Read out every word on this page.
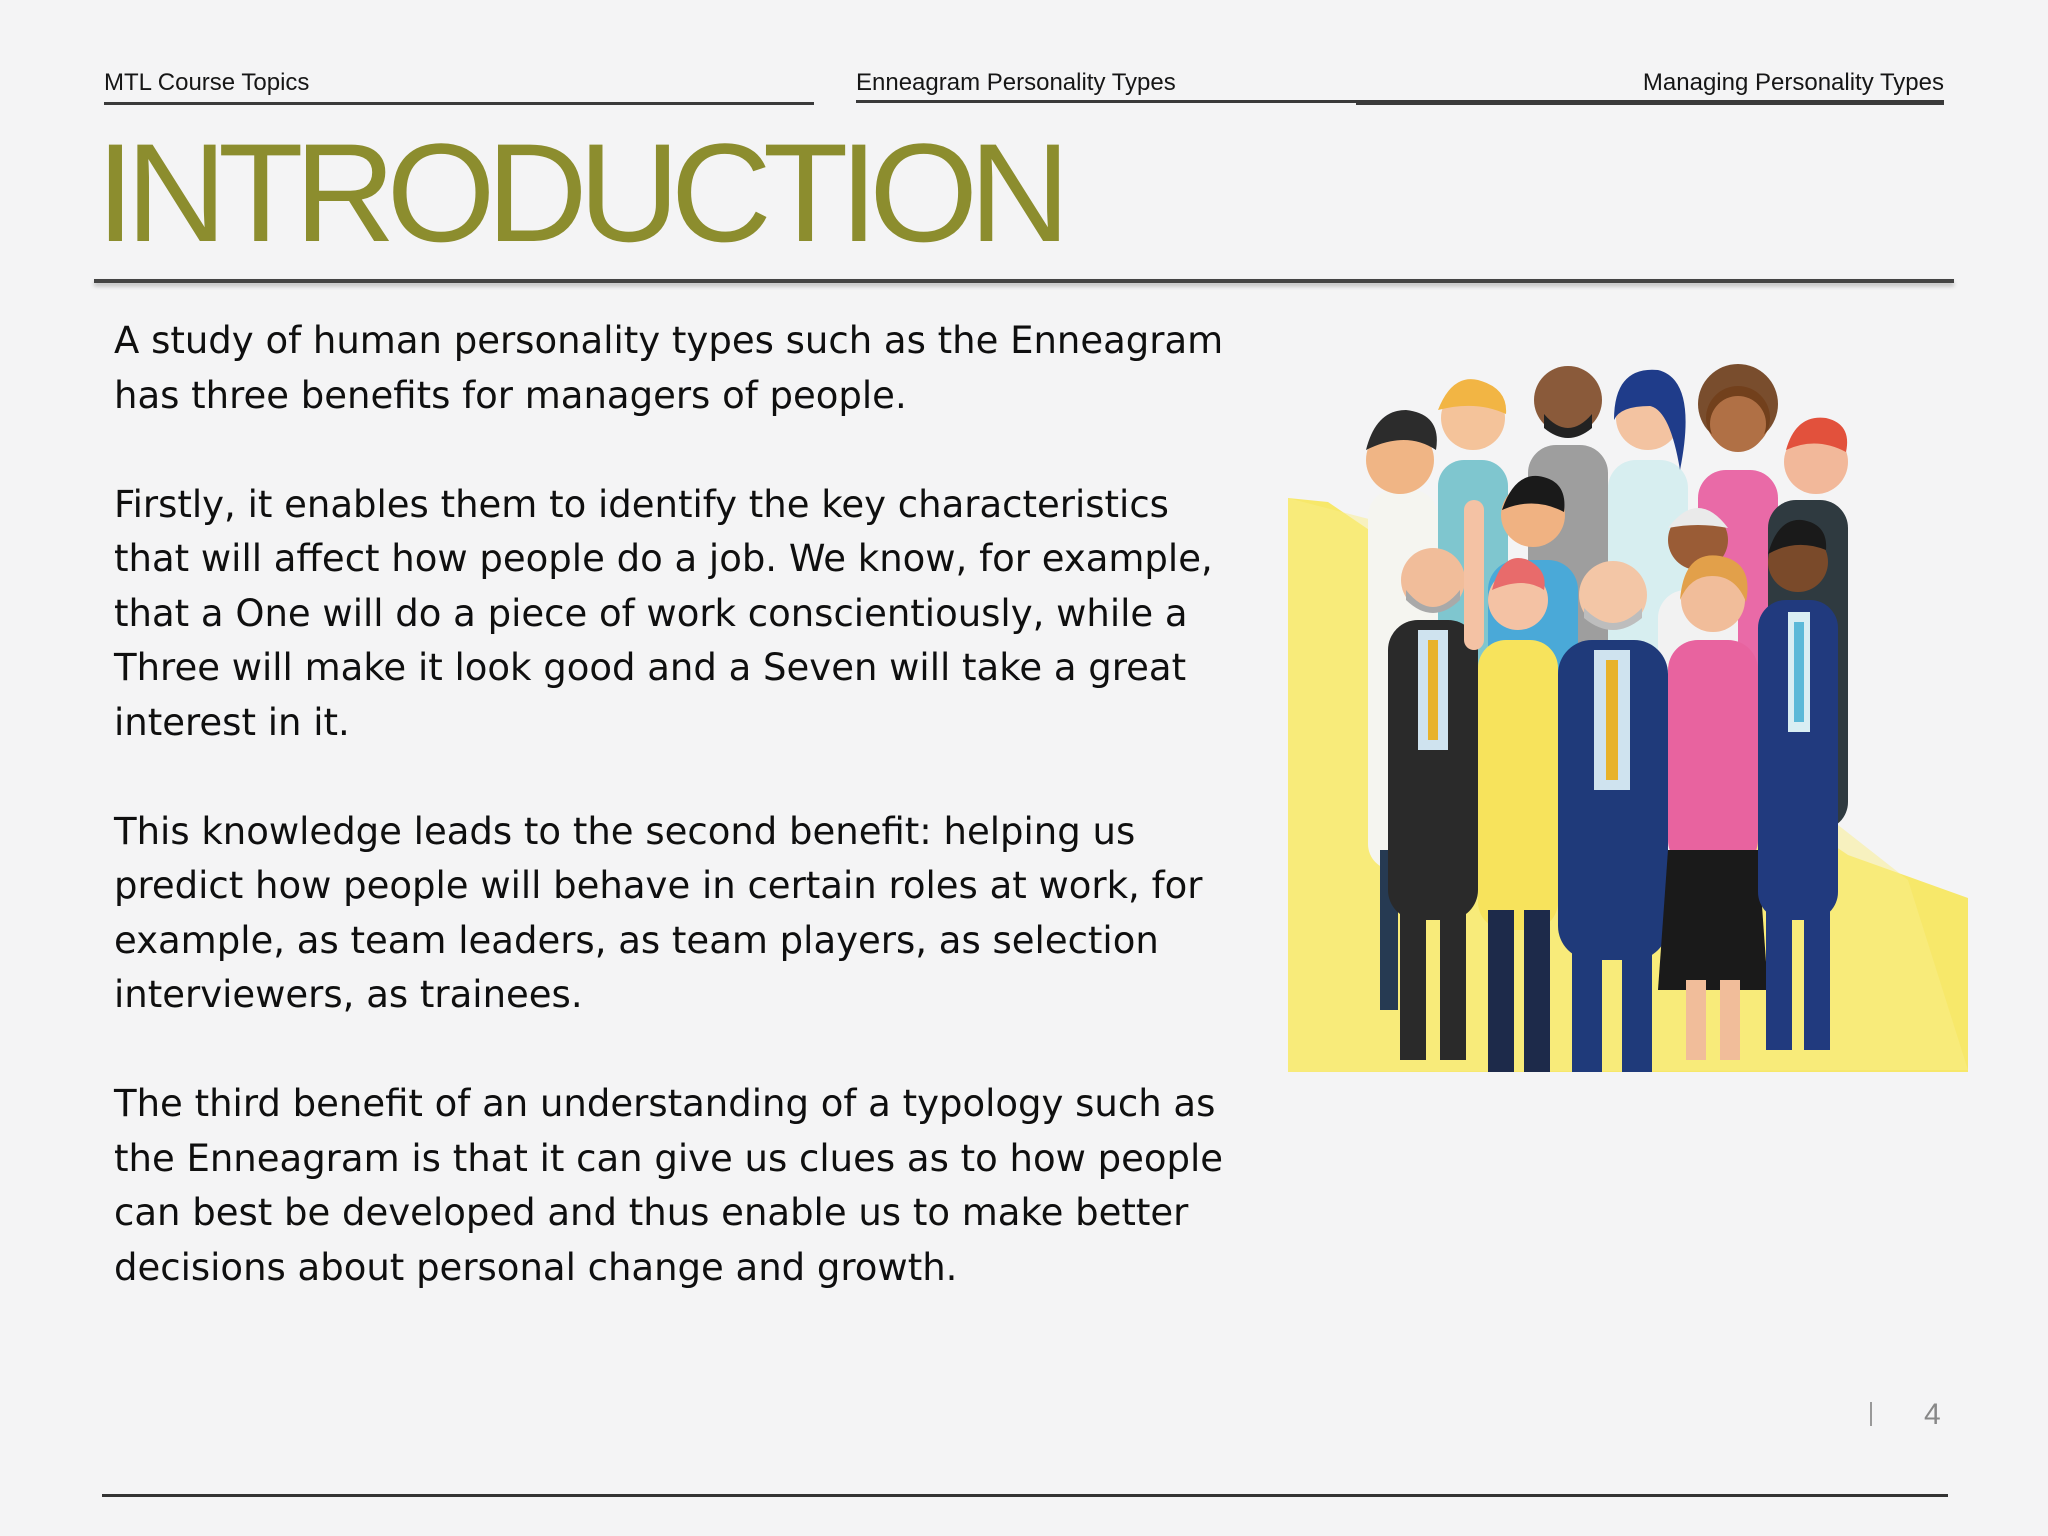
MTL Course Topics	Enneagram Personality Types	Managing Personality Types
INTRODUCTION

A study of human personality types such as the Enneagram has three benefits for managers of people.

Firstly, it enables them to identify the key characteristics that will affect how people do a job. We know, for example, that a One will do a piece of work conscientiously, while a Three will make it look good and a Seven will take a great interest in it.

This knowledge leads to the second benefit: helping us predict how people will behave in certain roles at work, for example, as team leaders, as team players, as selection interviewers, as trainees.

The third benefit of an understanding of a typology such as the Enneagram is that it can give us clues as to how people can best be developed and thus enable us to make better decisions about personal change and growth.

4
